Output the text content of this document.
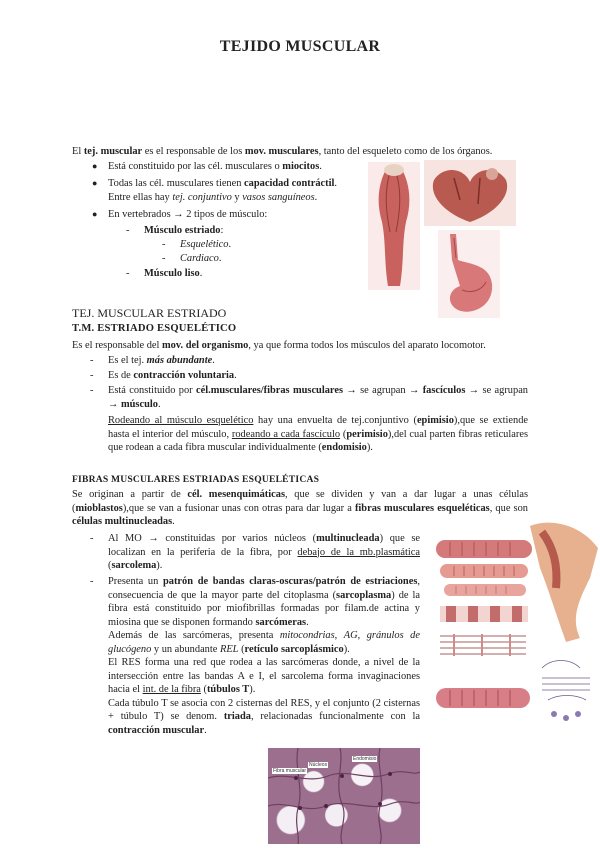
TEJIDO MUSCULAR
El tej. muscular es el responsable de los mov. musculares, tanto del esqueleto como de los órganos.
● Está constituido por las cél. musculares o miocitos.
● Todas las cél. musculares tienen capacidad contráctil.
Entre ellas hay tej. conjuntivo y vasos sanguíneos.
● En vertebrados → 2 tipos de músculo:
- Músculo estriado:
- Esquelético.
- Cardiaco.
- Músculo liso.
TEJ. MUSCULAR ESTRIADO
T.M. ESTRIADO ESQUELÉTICO
Es el responsable del mov. del organismo, ya que forma todos los músculos del aparato locomotor.
- Es el tej. más abundante.
- Es de contracción voluntaria.
- Está constituido por cél.musculares/fibras musculares → se agrupan → fascículos → se agrupan → músculo.
Rodeando al músculo esquelético hay una envuelta de tej.conjuntivo (epimisio),que se extiende hasta el interior del músculo, rodeando a cada fascículo (perimisio),del cual parten fibras reticulares que rodean a cada fibra muscular individualmente (endomisio).
FIBRAS MUSCULARES ESTRIADAS ESQUELÉTICAS
Se originan a partir de cél. mesenquimáticas, que se dividen y van a dar lugar a unas células (mioblastos),que se van a fusionar unas con otras para dar lugar a fibras musculares esqueléticas, que son células multinucleadas.
- Al MO → constituidas por varios núcleos (multinucleada) que se localizan en la periferia de la fibra, por debajo de la mb.plasmática (sarcolema).
- Presenta un patrón de bandas claras-oscuras/patrón de estriaciones, consecuencia de que la mayor parte del citoplasma (sarcoplasma) de la fibra está constituido por miofibrillas formadas por filam.de actina y miosina que se disponen formando sarcómeras.
Además de las sarcómeras, presenta mitocondrias, AG, gránulos de glucógeno y un abundante REL (retículo sarcoplásmico).
El RES forma una red que rodea a las sarcómeras donde, a nivel de la intersección entre las bandas A e I, el sarcolema forma invaginaciones hacia el int. de la fibra (túbulos T).
Cada túbulo T se asocia con 2 cisternas del RES, y el conjunto (2 cisternas + túbulo T) se denom. triada, relacionadas funcionalmente con la contracción muscular.
Fibra muscular
Endomisio
Núcleos
